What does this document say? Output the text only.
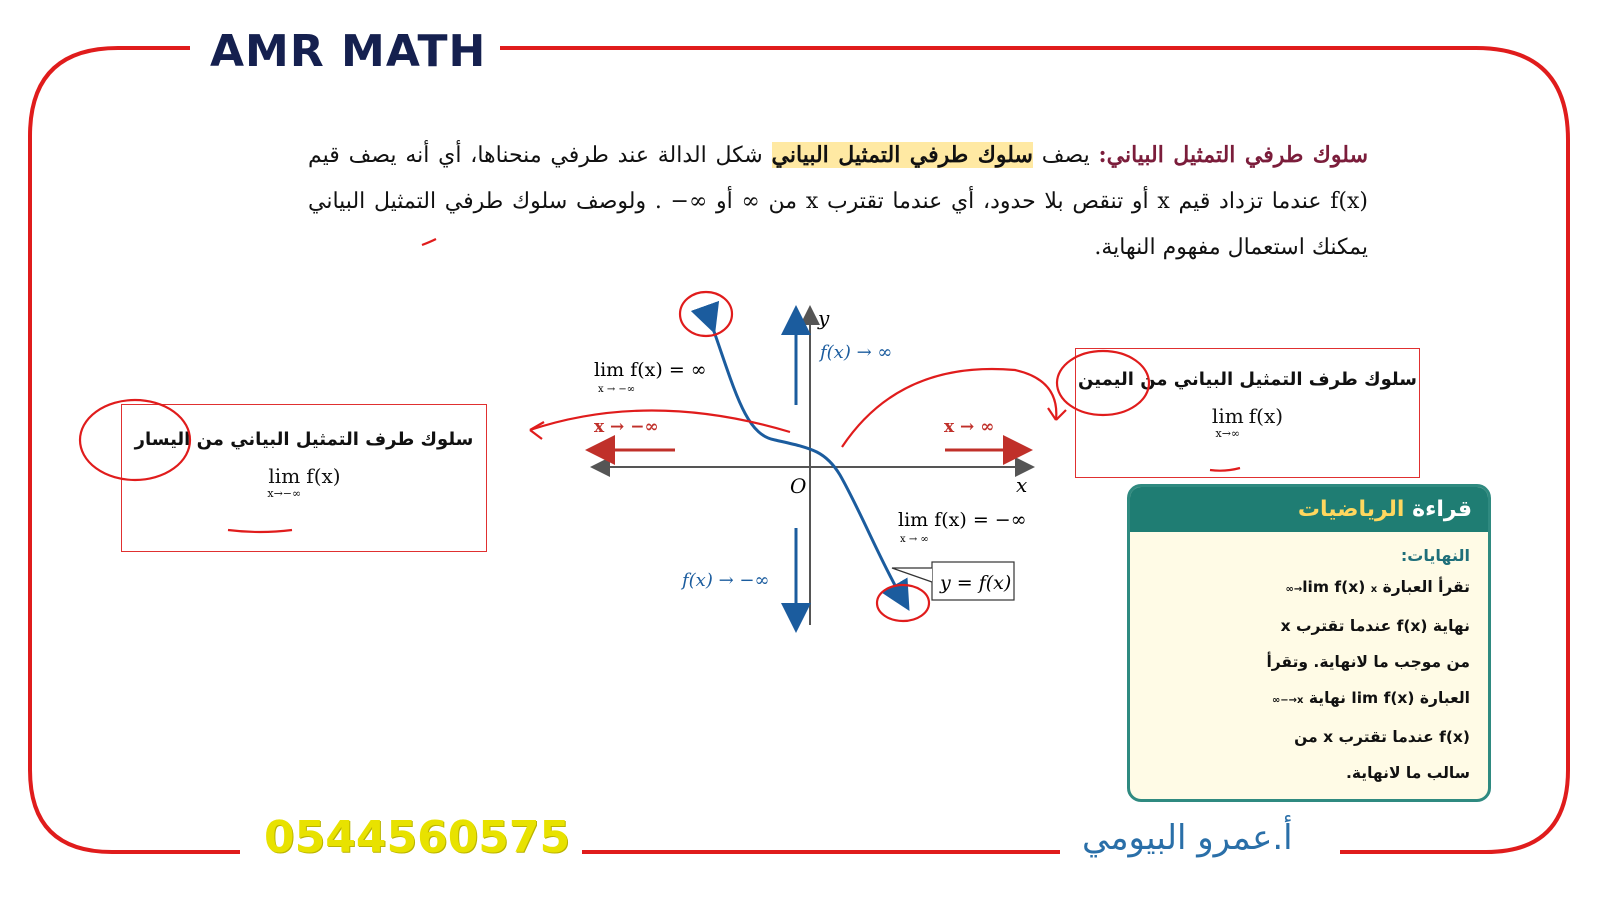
AMR MATH
سلوك طرفي التمثيل البياني: يصف سلوك طرفي التمثيل البياني شكل الدالة عند طرفي منحناها، أي أنه يصف قيم f(x) عندما تزداد قيم x أو تنقص بلا حدود، أي عندما تقترب x من ∞ أو ∞− . ولوصف سلوك طرفي التمثيل البياني يمكنك استعمال مفهوم النهاية.
سلوك طرف التمثيل البياني من اليسار
lim
x→−∞
f(x)
سلوك طرف التمثيل البياني من اليمين
lim
x→∞
f(x)
y
x
O
lim f(x) = ∞
x → −∞
lim f(x) = −∞
x → ∞
f(x) → ∞
f(x) → −∞
x → −∞	x → ∞
y = f(x)
قراءة الرياضيات
النهايات:
تقرأ العبارة lim f(x) x→∞
نهاية f(x) عندما تقترب x
من موجب ما لانهاية. وتقرأ
العبارة lim f(x) نهاية x→−∞
f(x) عندما تقترب x من
سالب ما لانهاية.
0544560575	أ.عمرو البيومي
